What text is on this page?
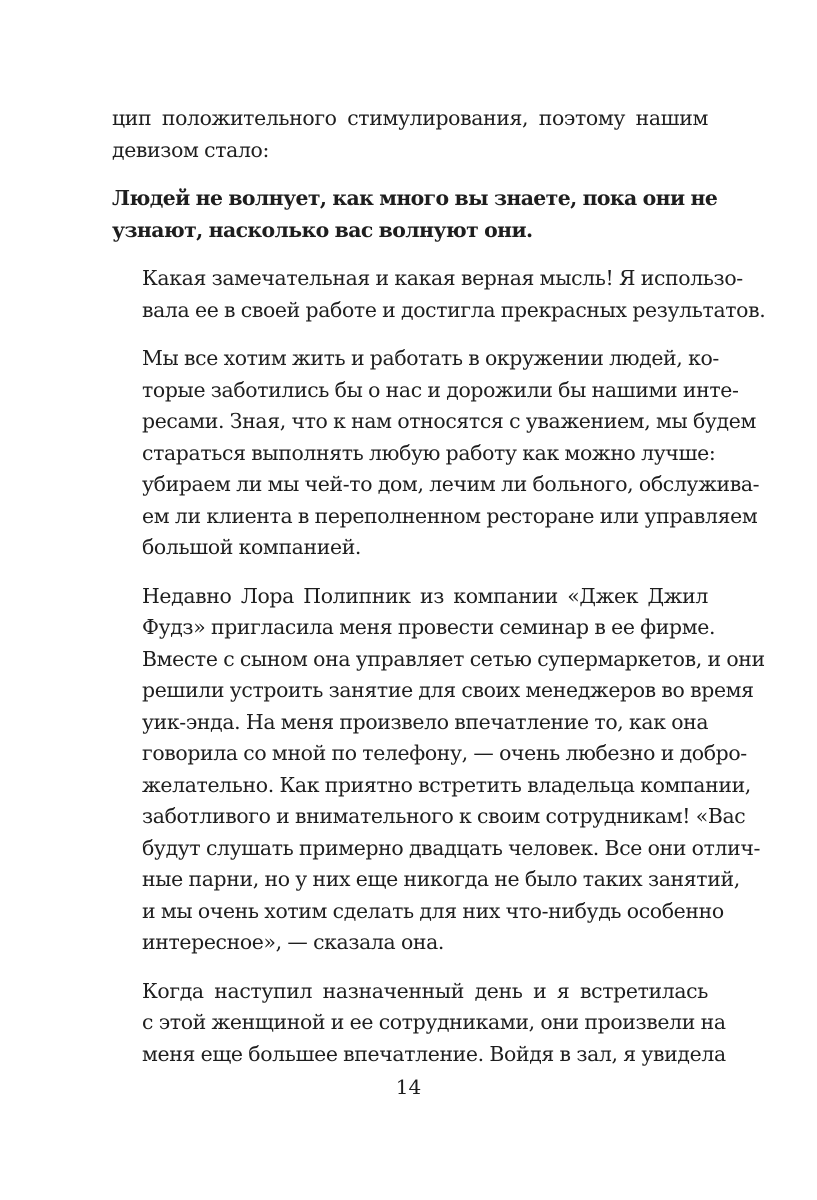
цип положительного стимулирования, поэтому нашим
девизом стало:

Людей не волнует, как много вы знаете, пока они не
узнают, насколько вас волнуют они.

Какая замечательная и какая верная мысль! Я использо-
вала ее в своей работе и достигла прекрасных результатов.

Мы все хотим жить и работать в окружении людей, ко-
торые заботились бы о нас и дорожили бы нашими инте-
ресами. Зная, что к нам относятся с уважением, мы будем
стараться выполнять любую работу как можно лучше:
убираем ли мы чей-то дом, лечим ли больного, обслужива-
ем ли клиента в переполненном ресторане или управляем
большой компанией.

Недавно Лора Полипник из компании «Джек Джил
Фудз» пригласила меня провести семинар в ее фирме.
Вместе с сыном она управляет сетью супермаркетов, и они
решили устроить занятие для своих менеджеров во время
уик-энда. На меня произвело впечатление то, как она
говорила со мной по телефону, — очень любезно и добро-
желательно. Как приятно встретить владельца компании,
заботливого и внимательного к своим сотрудникам! «Вас
будут слушать примерно двадцать человек. Все они отлич-
ные парни, но у них еще никогда не было таких занятий,
и мы очень хотим сделать для них что-нибудь особенно
интересное», — сказала она.

Когда наступил назначенный день и я встретилась
с этой женщиной и ее сотрудниками, они произвели на
меня еще большее впечатление. Войдя в зал, я увидела

14
